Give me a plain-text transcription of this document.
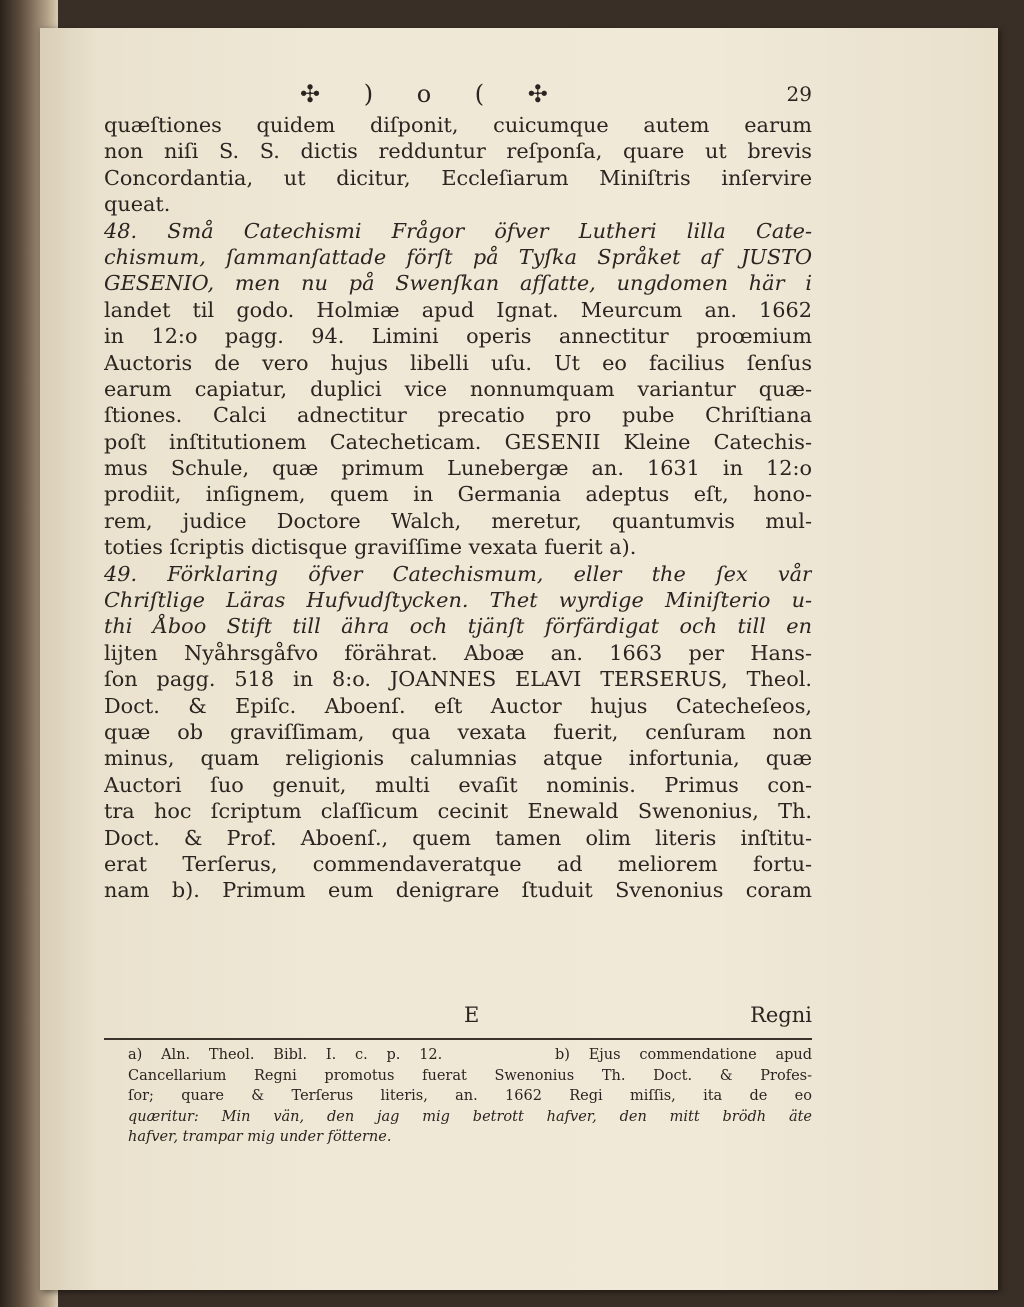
✣ ) o ( ✣	29
quæſtiones quidem diſponit, cuicumque autem earum
non niſi S. S. dictis redduntur reſponſa, quare ut brevis
Concordantia, ut dicitur, Eccleſiarum Miniſtris inſervire
queat.
48. Små Catechismi Frågor öfver Lutheri lilla Cate-
chismum, ſammanſattade förſt på Tyſka Språket af JUSTO
GESENIO, men nu på Swenſkan afſatte, ungdomen här i
landet til godo. Holmiæ apud Ignat. Meurcum an. 1662
in 12:o pagg. 94. Limini operis annectitur proœmium
Auctoris de vero hujus libelli uſu. Ut eo facilius ſenſus
earum capiatur, duplici vice nonnumquam variantur quæ-
ſtiones. Calci adnectitur precatio pro pube Chriſtiana
poſt inſtitutionem Catecheticam. GESENII Kleine Catechis-
mus Schule, quæ primum Lunebergæ an. 1631 in 12:o
prodiit, inſignem, quem in Germania adeptus eſt, hono-
rem, judice Doctore Walch, meretur, quantumvis mul-
toties ſcriptis dictisque graviſſime vexata fuerit a).
49. Förklaring öfver Catechismum, eller the ſex vår
Chriſtlige Läras Hufvudſtycken. Thet wyrdige Miniſterio u-
thi Åboo Stift till ähra och tjänſt förfärdigat och till en
lijten Nyåhrsgåfvo förährat. Aboæ an. 1663 per Hans-
ſon pagg. 518 in 8:o. JOANNES ELAVI TERSERUS, Theol.
Doct. & Epiſc. Aboenſ. eſt Auctor hujus Catecheſeos,
quæ ob graviſſimam, qua vexata fuerit, cenſuram non
minus, quam religionis calumnias atque infortunia, quæ
Auctori ſuo genuit, multi evaſit nominis. Primus con-
tra hoc ſcriptum claſſicum cecinit Enewald Swenonius, Th.
Doct. & Prof. Aboenſ., quem tamen olim literis inſtitu-
erat Terſerus, commendaveratque ad meliorem fortu-
nam b). Primum eum denigrare ſtuduit Svenonius coram
E	Regni
a) Aln. Theol. Bibl. I. c. p. 12.      b) Ejus commendatione apud
Cancellarium Regni promotus fuerat Swenonius Th. Doct. & Profes-
ſor; quare & Terſerus literis, an. 1662 Regi miſſis, ita de eo
quæritur: Min vän, den jag mig betrott hafver, den mitt brödh äte
hafver, trampar mig under fötterne.
